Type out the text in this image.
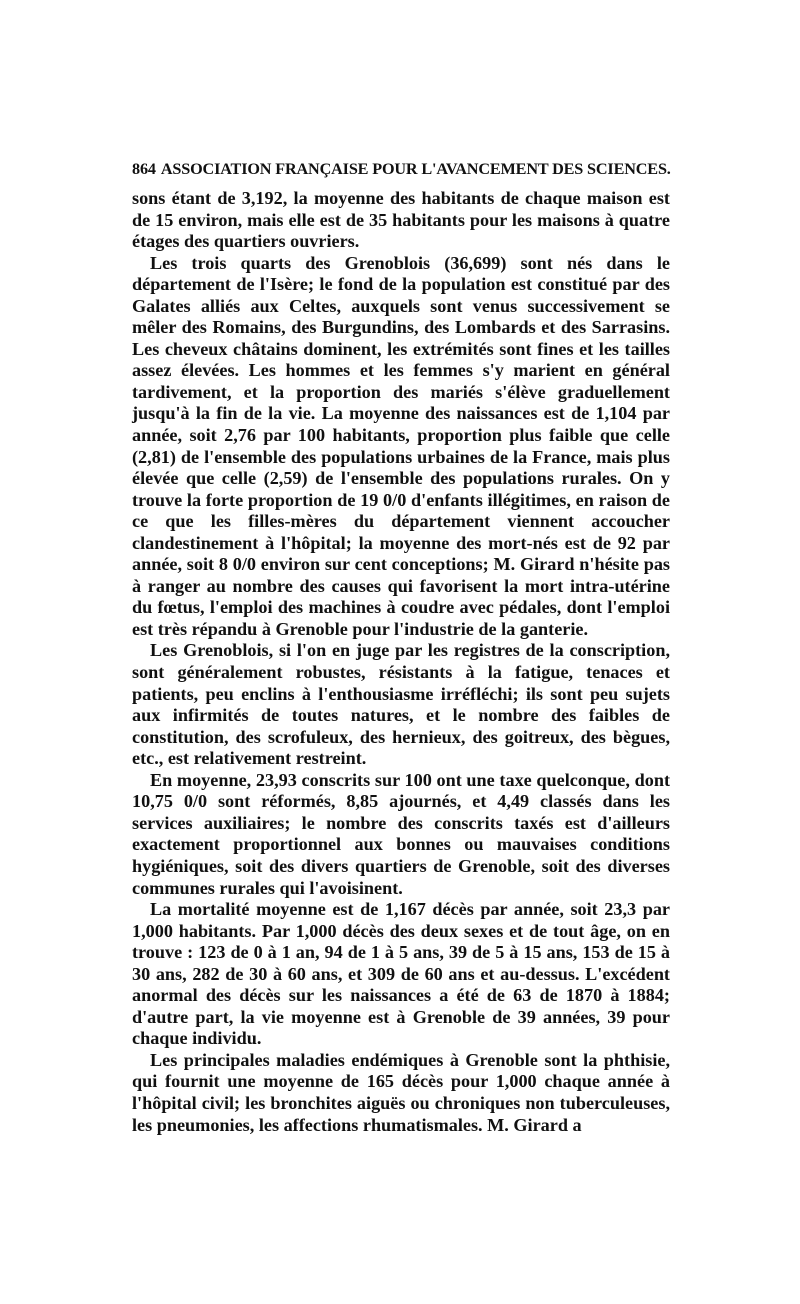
864 ASSOCIATION FRANÇAISE POUR L'AVANCEMENT DES SCIENCES.

sons étant de 3,192, la moyenne des habitants de chaque maison est de 15 environ, mais elle est de 35 habitants pour les maisons à quatre étages des quartiers ouvriers.

Les trois quarts des Grenoblois (36,699) sont nés dans le département de l'Isère; le fond de la population est constitué par des Galates alliés aux Celtes, auxquels sont venus successivement se mêler des Romains, des Burgundins, des Lombards et des Sarrasins. Les cheveux châtains dominent, les extrémités sont fines et les tailles assez élevées. Les hommes et les femmes s'y marient en général tardivement, et la proportion des mariés s'élève graduellement jusqu'à la fin de la vie. La moyenne des naissances est de 1,104 par année, soit 2,76 par 100 habitants, proportion plus faible que celle (2,81) de l'ensemble des populations urbaines de la France, mais plus élevée que celle (2,59) de l'ensemble des populations rurales. On y trouve la forte proportion de 19 0/0 d'enfants illégitimes, en raison de ce que les filles-mères du département viennent accoucher clandestinement à l'hôpital; la moyenne des mort-nés est de 92 par année, soit 8 0/0 environ sur cent conceptions; M. Girard n'hésite pas à ranger au nombre des causes qui favorisent la mort intra-utérine du fœtus, l'emploi des machines à coudre avec pédales, dont l'emploi est très répandu à Grenoble pour l'industrie de la ganterie.

Les Grenoblois, si l'on en juge par les registres de la conscription, sont généralement robustes, résistants à la fatigue, tenaces et patients, peu enclins à l'enthousiasme irréfléchi; ils sont peu sujets aux infirmités de toutes natures, et le nombre des faibles de constitution, des scrofuleux, des hernieux, des goitreux, des bègues, etc., est relativement restreint.

En moyenne, 23,93 conscrits sur 100 ont une taxe quelconque, dont 10,75 0/0 sont réformés, 8,85 ajournés, et 4,49 classés dans les services auxiliaires; le nombre des conscrits taxés est d'ailleurs exactement proportionnel aux bonnes ou mauvaises conditions hygiéniques, soit des divers quartiers de Grenoble, soit des diverses communes rurales qui l'avoisinent.

La mortalité moyenne est de 1,167 décès par année, soit 23,3 par 1,000 habitants. Par 1,000 décès des deux sexes et de tout âge, on en trouve : 123 de 0 à 1 an, 94 de 1 à 5 ans, 39 de 5 à 15 ans, 153 de 15 à 30 ans, 282 de 30 à 60 ans, et 309 de 60 ans et au-dessus. L'excédent anormal des décès sur les naissances a été de 63 de 1870 à 1884; d'autre part, la vie moyenne est à Grenoble de 39 années, 39 pour chaque individu.

Les principales maladies endémiques à Grenoble sont la phthisie, qui fournit une moyenne de 165 décès pour 1,000 chaque année à l'hôpital civil; les bronchites aiguës ou chroniques non tuberculeuses, les pneumonies, les affections rhumatismales. M. Girard a
